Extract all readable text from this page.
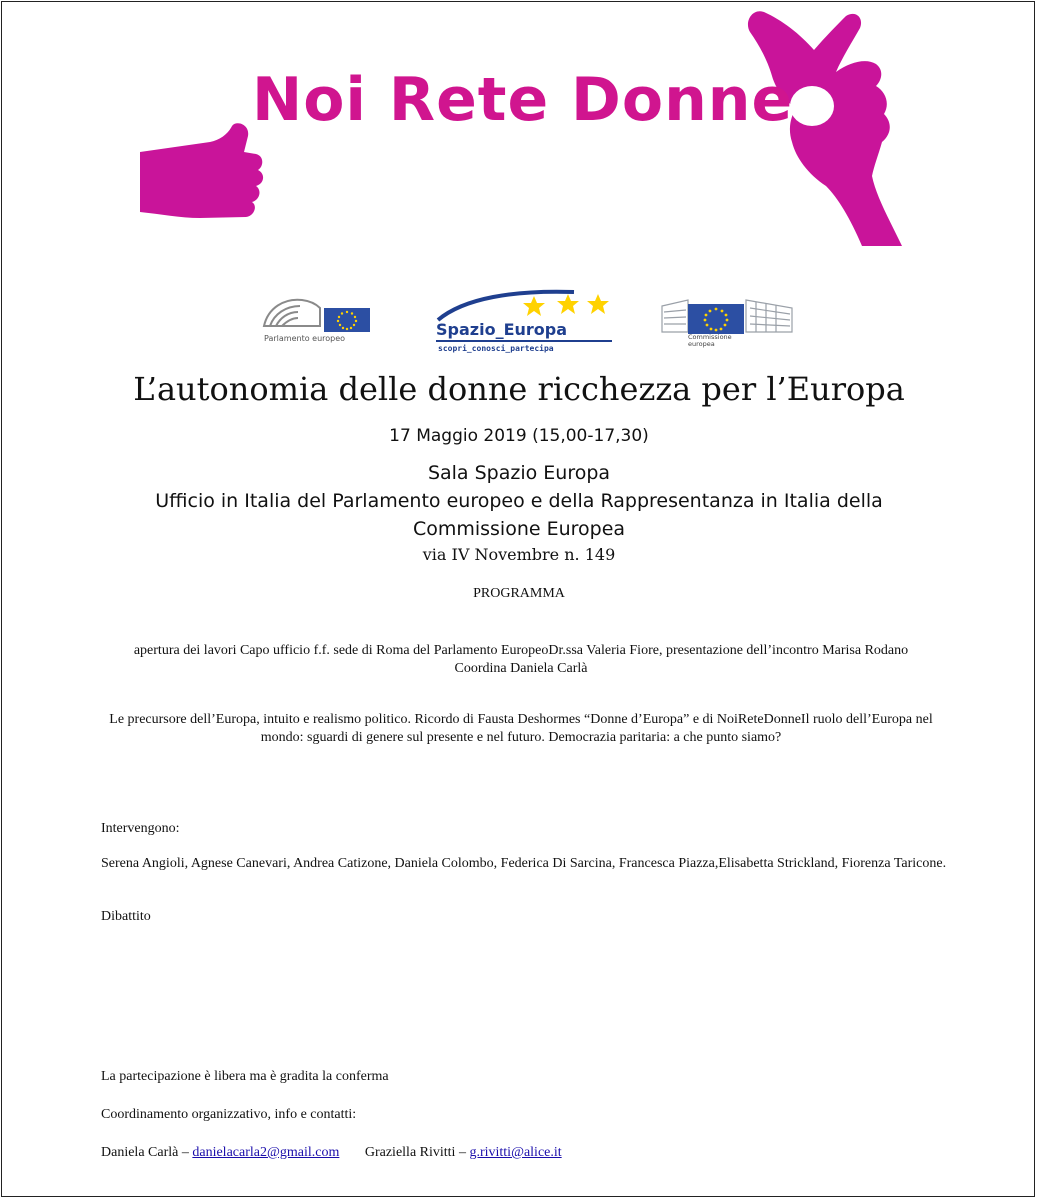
Noi Rete Donne
Parlamento europeo	Spazio_Europa
scopri_conosci_partecipa
Commissione europea
L’autonomia delle donne ricchezza per l’Europa
17 Maggio 2019 (15,00-17,30)
Sala Spazio Europa
Ufficio in Italia del Parlamento europeo e della Rappresentanza in Italia della Commissione Europea
via IV Novembre n. 149
PROGRAMMA
apertura dei lavori Capo ufficio f.f. sede di Roma del Parlamento EuropeoDr.ssa Valeria Fiore, presentazione dell’incontro Marisa Rodano
Coordina Daniela Carlà
Le precursore dell’Europa, intuito e realismo politico. Ricordo di Fausta Deshormes “Donne d’Europa” e di NoiReteDonneIl ruolo dell’Europa nel mondo: sguardi di genere sul presente e nel futuro. Democrazia paritaria: a che punto siamo?
Intervengono:
Serena Angioli, Agnese Canevari, Andrea Catizone, Daniela Colombo, Federica Di Sarcina, Francesca Piazza,Elisabetta Strickland, Fiorenza Taricone.
Dibattito
La partecipazione è libera ma è gradita la conferma
Coordinamento organizzativo, info e contatti:
Daniela Carlà – danielacarla2@gmail.com Graziella Rivitti – g.rivitti@alice.it
